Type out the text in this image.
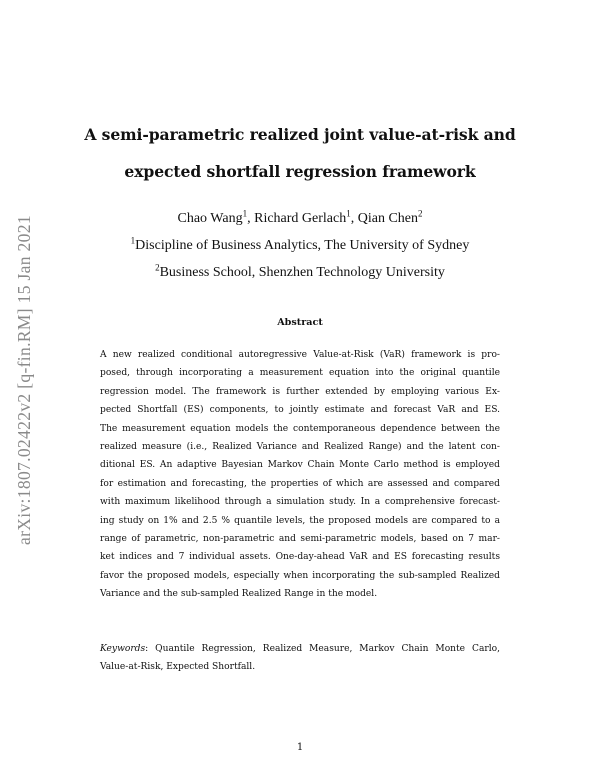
arXiv:1807.02422v2 [q-fin.RM] 15 Jan 2021
A semi-parametric realized joint value-at-risk and
expected shortfall regression framework
Chao Wang$^1$, Richard Gerlach$^1$, Qian Chen$^2$
$^1$Discipline of Business Analytics, The University of Sydney
$^2$Business School, Shenzhen Technology University
Abstract
A new realized conditional autoregressive Value-at-Risk (VaR) framework is pro-
posed, through incorporating a measurement equation into the original quantile
regression model. The framework is further extended by employing various Ex-
pected Shortfall (ES) components, to jointly estimate and forecast VaR and ES.
The measurement equation models the contemporaneous dependence between the
realized measure (i.e., Realized Variance and Realized Range) and the latent con-
ditional ES. An adaptive Bayesian Markov Chain Monte Carlo method is employed
for estimation and forecasting, the properties of which are assessed and compared
with maximum likelihood through a simulation study. In a comprehensive forecast-
ing study on 1% and 2.5 % quantile levels, the proposed models are compared to a
range of parametric, non-parametric and semi-parametric models, based on 7 mar-
ket indices and 7 individual assets. One-day-ahead VaR and ES forecasting results
favor the proposed models, especially when incorporating the sub-sampled Realized
Variance and the sub-sampled Realized Range in the model.
Keywords: Quantile Regression, Realized Measure, Markov Chain Monte Carlo,
Value-at-Risk, Expected Shortfall.
1
